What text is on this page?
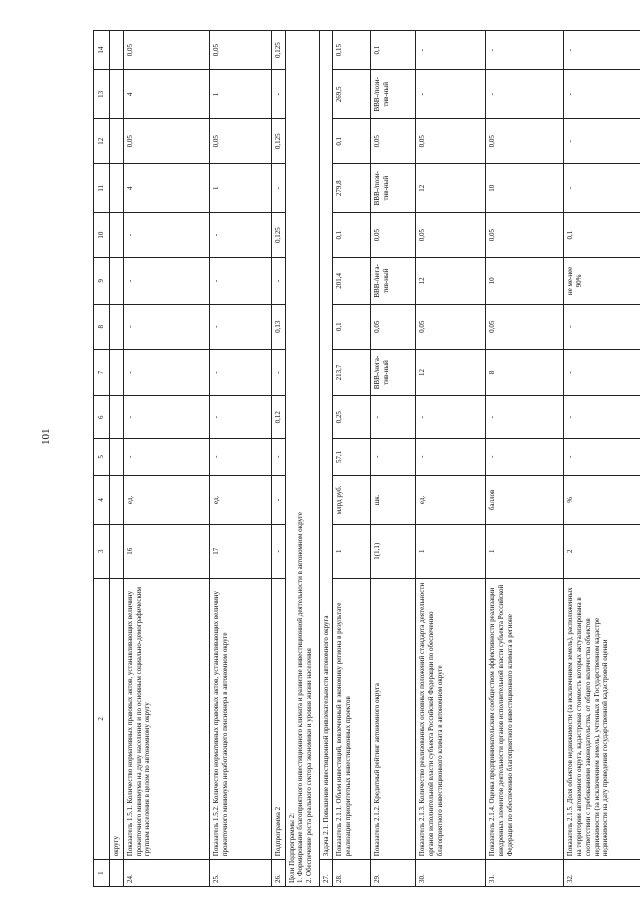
101
1	2	3	4	5	6	7	8	9	10	11	12	13	14
	округу												
24.	Показатель 1.5.1. Количество нормативных правовых актов, устанавливающих величину прожиточного минимума на душу населения и по основным социально-демографическим группам населения в целом по автономному округу	16	ед.	-	-	-	-	-	-	4	0,05	4	0,05
25.	Показатель 1.5.2. Количество нормативных правовых актов, устанавливающих величину прожиточного минимума неработающего пенсионера в автономном округе	17	ед.	-	-	-	-	-	-	1	0,05	1	0,05
26.	Подпрограмма 2	-	-	-	0,12	-	0,13	-	0,125	-	0,125	-	0,125
Цели Подпрограммы 2:
1. Формирование благоприятного инвестиционного климата и развитие инвестиционной деятельности в автономном округе
2. Обеспечение роста реального сектора экономики и уровня жизни населения													
27.	Задача 2.1. Повышение инвестиционной привлекательности автономного округа												
28.	Показатель 2.1.1. Объем инвестиций, вовлеченный в экономику региона в результате реализации приоритетных инвестиционных проектов	1	млрд руб.	57,1	0,25	213,7	0,1	201,4	0,1	279,8	0,1	269,5	0,15
29.	Показатель 2.1.2. Кредитный рейтинг автономного округа	1(1,1)	шк.	-	-	BBB-/нега-тив-ный	0,05	BBB-/нега-тив-ный	0,05	BBB-/пози-тив-ный	0,05	BBB-/пози-тив-ный	0,1
30.	Показатель 2.1.3. Количество реализованных основных положений стандарта деятельности органов исполнительной власти субъекта Российской Федерации по обеспечению благоприятного инвестиционного климата в автономном округе	1	ед.	-	-	12	0,05	12	0,05	12	0,05	-	-
31.	Показатель 2.1.4. Оценка предпринимательским сообществом эффективности реализации внедренных элементов деятельности органов исполнительной власти субъекта Российской Федерации по обеспечению благоприятного инвестиционного климата в регионе	1	баллов	-	-	8	0,05	10	0,05	10	0,05	-	-
32.	Показатель 2.1.5. Доля объектов недвижимости (за исключением земель), расположенных на территории автономного округа, кадастровая стоимость которых актуализирована в соответствии с требованиями законодательства, от общего количества объектов недвижимости (за исключением земель), учтенных в Государственном кадастре недвижимости на дату проведения государственной кадастровой оценки	2	%	-	-	-	-	не ме-нее 90%	0,1	-	-	-	-
